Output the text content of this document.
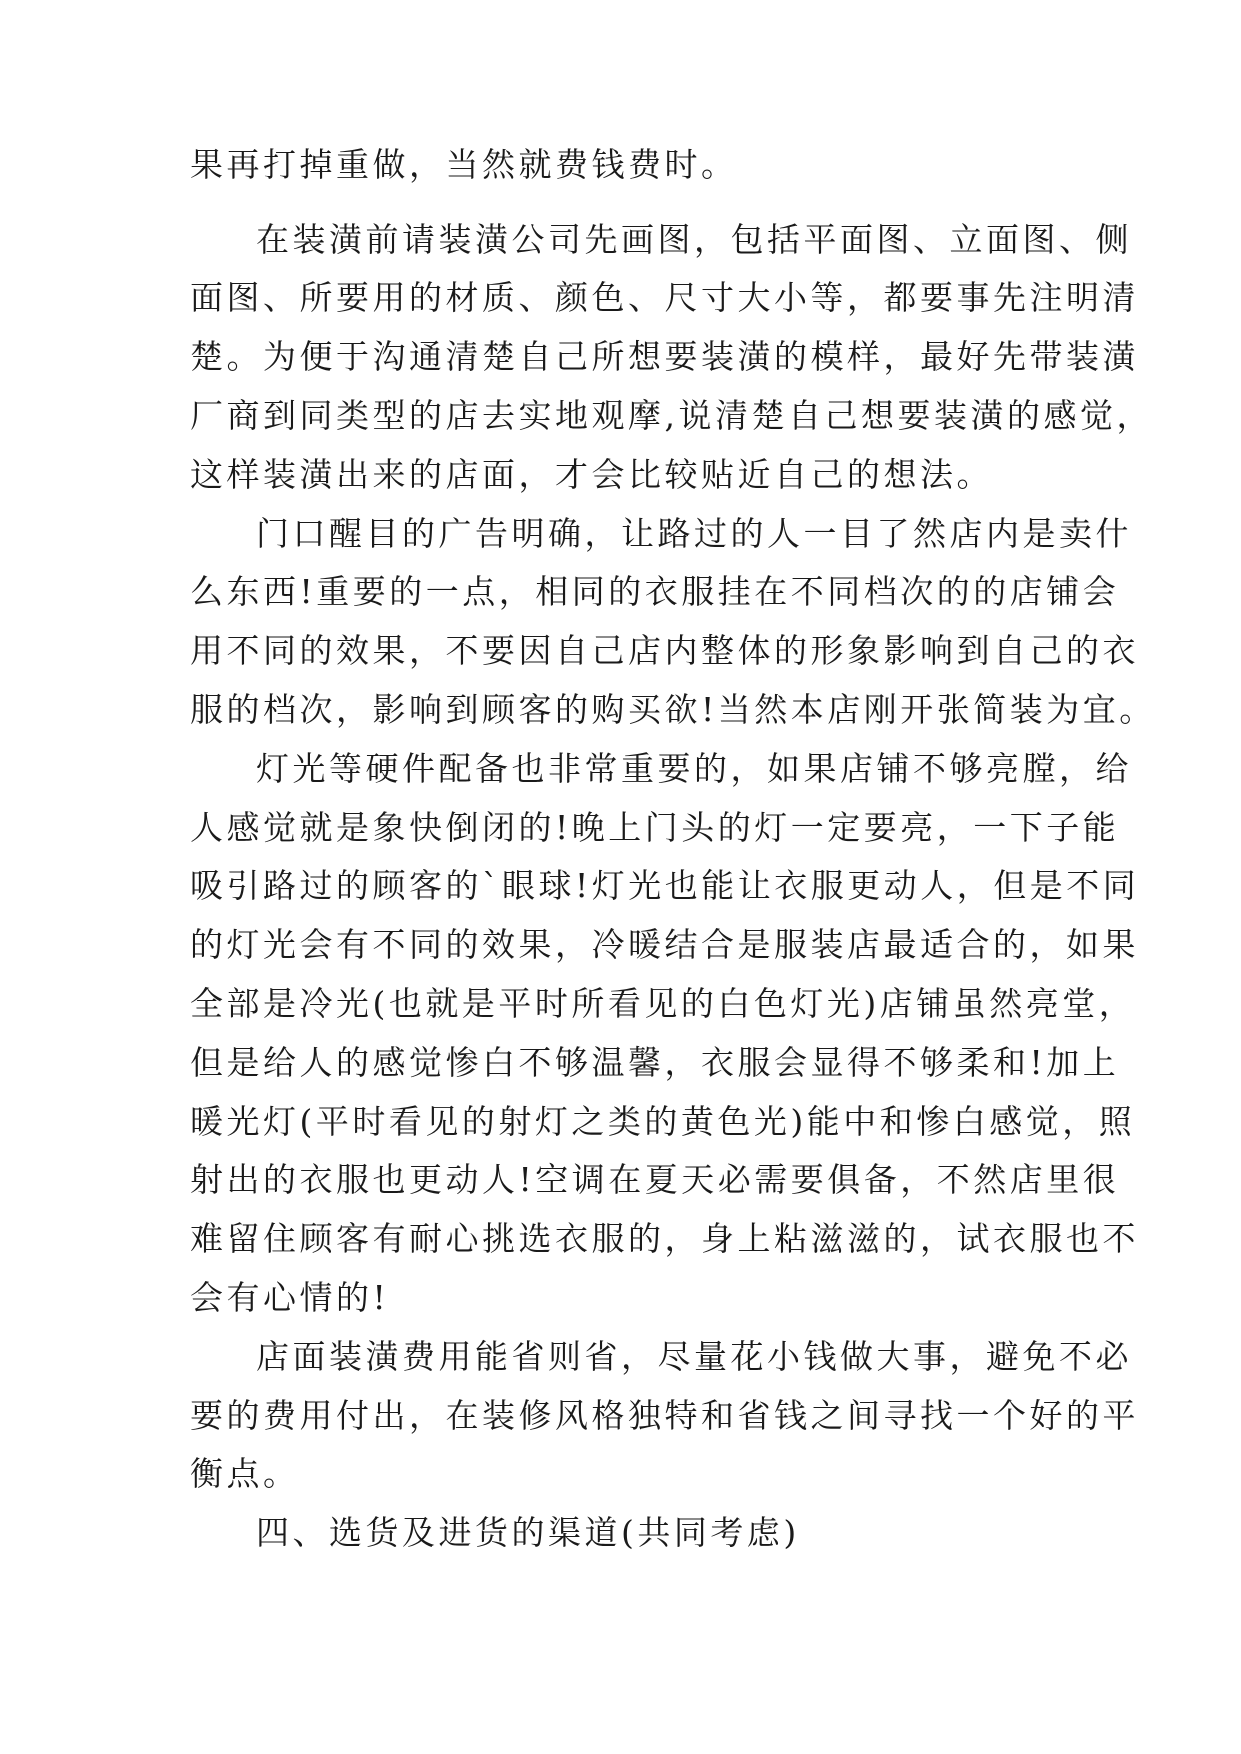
果再打掉重做，当然就费钱费时。
在装潢前请装潢公司先画图，包括平面图、立面图、侧
面图、所要用的材质、颜色、尺寸大小等，都要事先注明清
楚。为便于沟通清楚自己所想要装潢的模样，最好先带装潢
厂商到同类型的店去实地观摩,说清楚自己想要装潢的感觉，
这样装潢出来的店面，才会比较贴近自己的想法。
门口醒目的广告明确，让路过的人一目了然店内是卖什
么东西!重要的一点，相同的衣服挂在不同档次的的店铺会
用不同的效果，不要因自己店内整体的形象影响到自己的衣
服的档次，影响到顾客的购买欲!当然本店刚开张简装为宜。
灯光等硬件配备也非常重要的，如果店铺不够亮膛，给
人感觉就是象快倒闭的!晚上门头的灯一定要亮，一下子能
吸引路过的顾客的`眼球!灯光也能让衣服更动人，但是不同
的灯光会有不同的效果，冷暖结合是服装店最适合的，如果
全部是冷光(也就是平时所看见的白色灯光)店铺虽然亮堂，
但是给人的感觉惨白不够温馨，衣服会显得不够柔和!加上
暖光灯(平时看见的射灯之类的黄色光)能中和惨白感觉，照
射出的衣服也更动人!空调在夏天必需要俱备，不然店里很
难留住顾客有耐心挑选衣服的，身上粘滋滋的，试衣服也不
会有心情的!
店面装潢费用能省则省，尽量花小钱做大事，避免不必
要的费用付出，在装修风格独特和省钱之间寻找一个好的平
衡点。
四、选货及进货的渠道(共同考虑)
